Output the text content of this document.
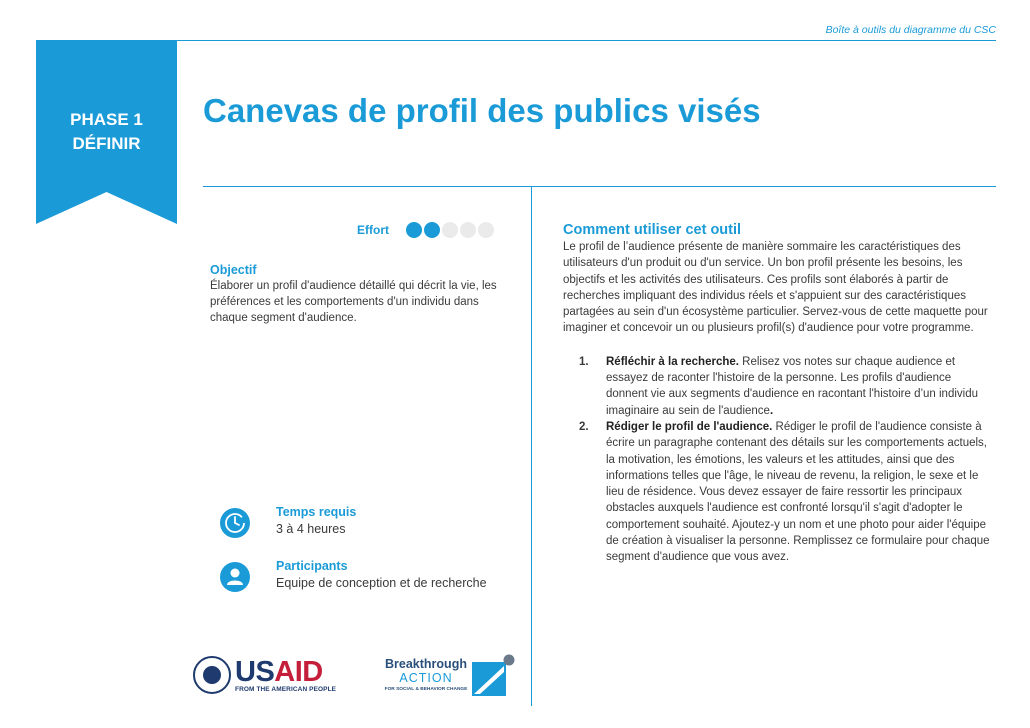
Boîte à outils du diagramme du CSC
PHASE 1
DÉFINIR
Canevas de profil des publics visés
Effort
Objectif

Élaborer un profil d'audience détaillé qui décrit la vie, les préférences et les comportements d'un individu dans chaque segment d'audience.

Temps requis
3 à 4 heures
Participants
Equipe de conception et de recherche
Comment utiliser cet outil

Le profil de l’audience présente de manière sommaire les caractéristiques des utilisateurs d'un produit ou d'un service. Un bon profil présente les besoins, les objectifs et les activités des utilisateurs. Ces profils sont élaborés à partir de recherches impliquant des individus réels et s'appuient sur des caractéristiques partagées au sein d'un écosystème particulier. Servez-vous de cette maquette pour imaginer et concevoir un ou plusieurs profil(s) d'audience pour votre programme.

1.	Réfléchir à la recherche. Relisez vos notes sur chaque audience et essayez de raconter l'histoire de la personne. Les profils d'audience donnent vie aux segments d'audience en racontant l'histoire d’un individu imaginaire au sein de l'audience.
2.	Rédiger le profil de l'audience. Rédiger le profil de l'audience consiste à écrire un paragraphe contenant des détails sur les comportements actuels, la motivation, les émotions, les valeurs et les attitudes, ainsi que des informations telles que l'âge, le niveau de revenu, la religion, le sexe et le lieu de résidence. Vous devez essayer de faire ressortir les principaux obstacles auxquels l'audience est confronté lorsqu'il s'agit d'adopter le comportement souhaité. Ajoutez-y un nom et une photo pour aider l'équipe de création à visualiser la personne. Remplissez ce formulaire pour chaque segment d'audience que vous avez.
USAID
FROM THE AMERICAN PEOPLE
Breakthrough
ACTION
FOR SOCIAL & BEHAVIOR CHANGE
